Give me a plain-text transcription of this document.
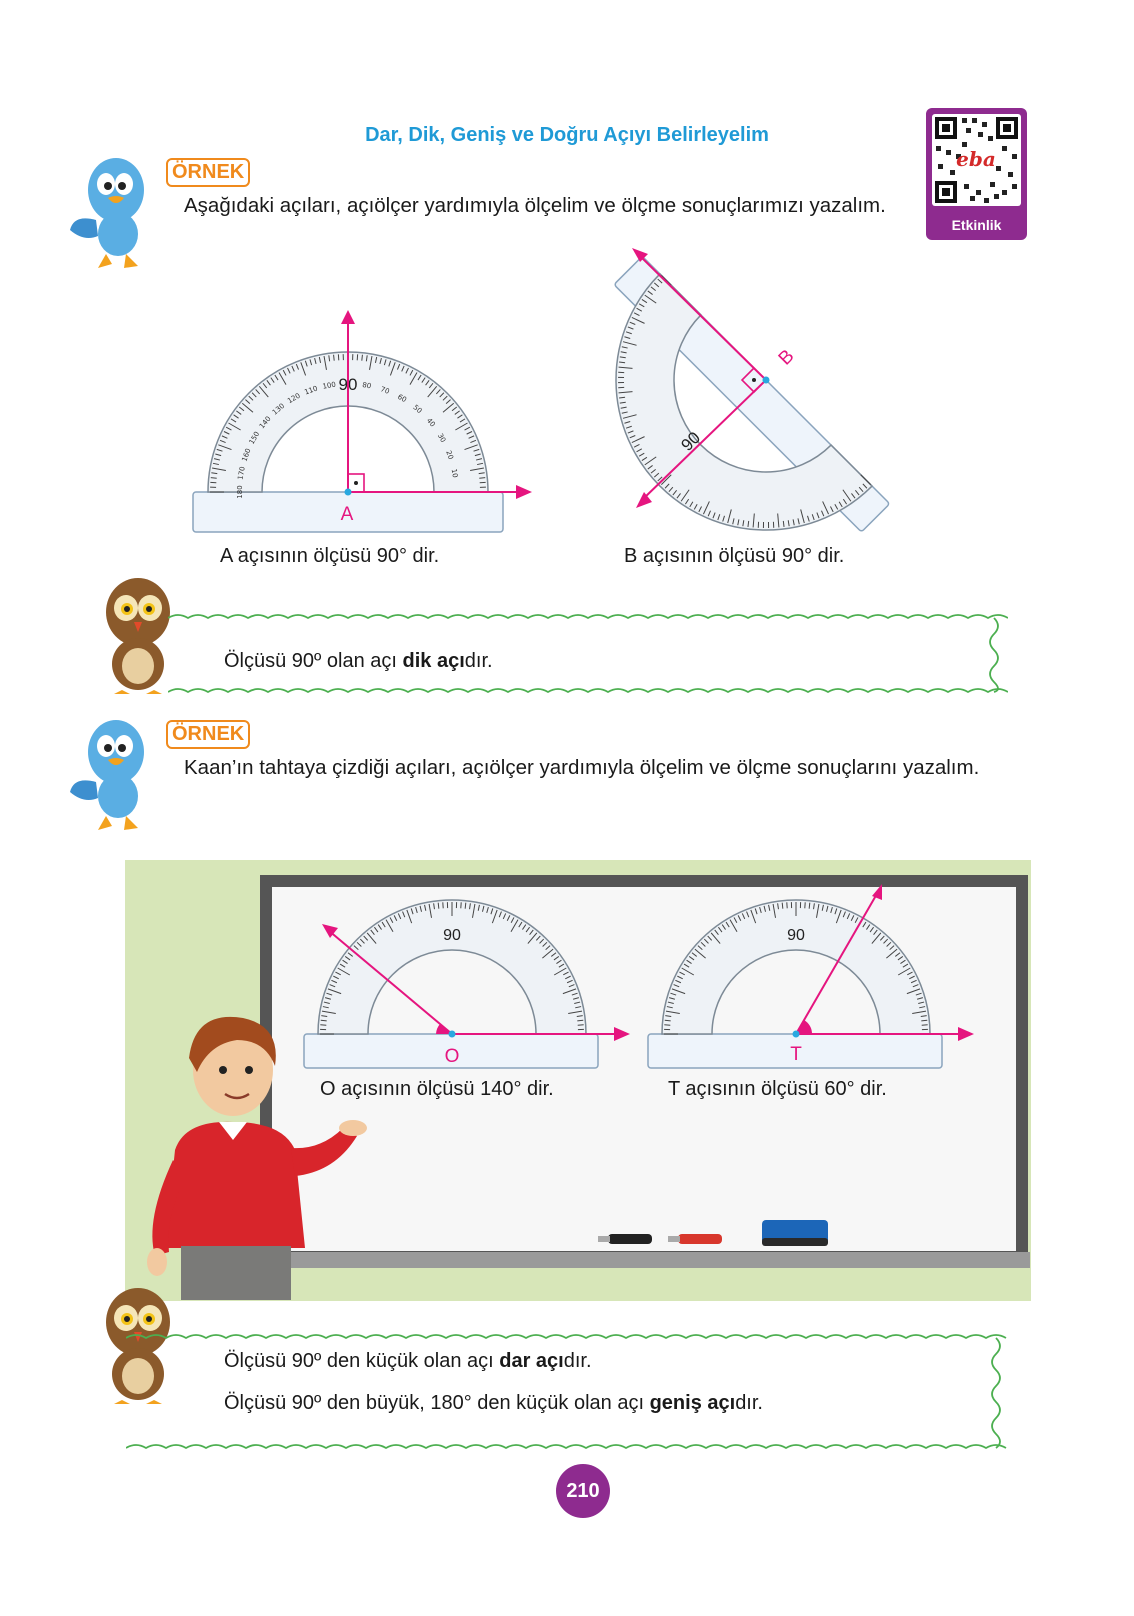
Dar, Dik, Geniş ve Doğru Açıyı Belirleyelim
eba
Etkinlik
ÖRNEK
Aşağıdaki açıları, açıölçer yardımıyla ölçelim ve ölçme sonuçlarımızı yazalım.
180
170
160
150
140
130
120
110 100	80 70
60
50
40
30
20
10
90
A
B
90
A açısının ölçüsü 90° dir.	B açısının ölçüsü 90° dir.
Ölçüsü 90º olan açı dik açıdır.
ÖRNEK
Kaan’ın tahtaya çizdiği açıları, açıölçer yardımıyla ölçelim ve ölçme sonuçlarını yazalım.
90
O
90
T
O açısının ölçüsü 140° dir.	T açısının ölçüsü 60° dir.
Ölçüsü 90º den küçük olan açı dar açıdır.
Ölçüsü 90º den büyük, 180° den küçük olan açı geniş açıdır.
210
